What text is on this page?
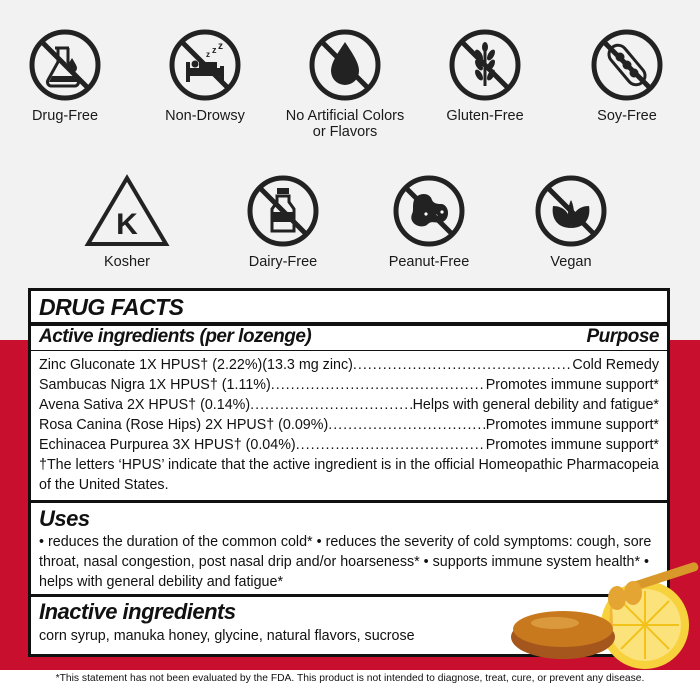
Drug-Free
z z z
Non-Drowsy	No Artificial Colors or Flavors
Gluten-Free	Soy-Free
K
Kosher	Dairy-Free	Peanut-Free	Vegan
DRUG FACTS
Active ingredients (per lozenge)	Purpose
Zinc Gluconate 1X HPUS† (2.22%)(13.3 mg zinc) .....	Cold Remedy
Sambucas Nigra 1X HPUS† (1.11%) .....	Promotes immune support*
Avena Sativa 2X HPUS† (0.14%) .....	Helps with general debility and fatigue*
Rosa Canina (Rose Hips) 2X HPUS† (0.09%) .....	Promotes immune support*
Echinacea Purpurea 3X HPUS† (0.04%) .....	Promotes immune support*
†The letters ‘HPUS’ indicate that the active ingredient is in the official Homeopathic Pharmacopeia of the United States.
Uses
• reduces the duration of the common cold* • reduces the severity of cold symptoms: cough, sore throat, nasal congestion, post nasal drip and/or hoarseness* • supports immune system health* • helps with general debility and fatigue*
Inactive ingredients
corn syrup, manuka honey, glycine, natural flavors, sucrose
*This statement has not been evaluated by the FDA. This product is not intended to diagnose, treat, cure, or prevent any disease.
